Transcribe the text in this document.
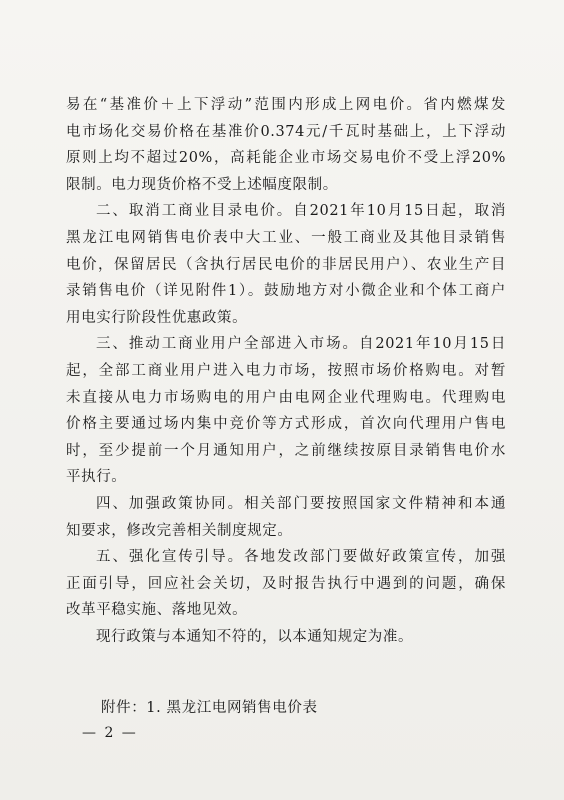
易在“基准价＋上下浮动”范围内形成上网电价。省内燃煤发

电市场化交易价格在基准价0.374元/千瓦时基础上，上下浮动

原则上均不超过20%，高耗能企业市场交易电价不受上浮20%

限制。电力现货价格不受上述幅度限制。

二、取消工商业目录电价。自2021年10月15日起，取消

黑龙江电网销售电价表中大工业、一般工商业及其他目录销售

电价，保留居民（含执行居民电价的非居民用户）、农业生产目

录销售电价（详见附件1）。鼓励地方对小微企业和个体工商户

用电实行阶段性优惠政策。

三、推动工商业用户全部进入市场。自2021年10月15日

起，全部工商业用户进入电力市场，按照市场价格购电。对暂

未直接从电力市场购电的用户由电网企业代理购电。代理购电

价格主要通过场内集中竞价等方式形成，首次向代理用户售电

时，至少提前一个月通知用户，之前继续按原目录销售电价水

平执行。

四、加强政策协同。相关部门要按照国家文件精神和本通

知要求，修改完善相关制度规定。

五、强化宣传引导。各地发改部门要做好政策宣传，加强

正面引导，回应社会关切，及时报告执行中遇到的问题，确保

改革平稳实施、落地见效。

现行政策与本通知不符的，以本通知规定为准。

附件：1. 黑龙江电网销售电价表
— 2 —
